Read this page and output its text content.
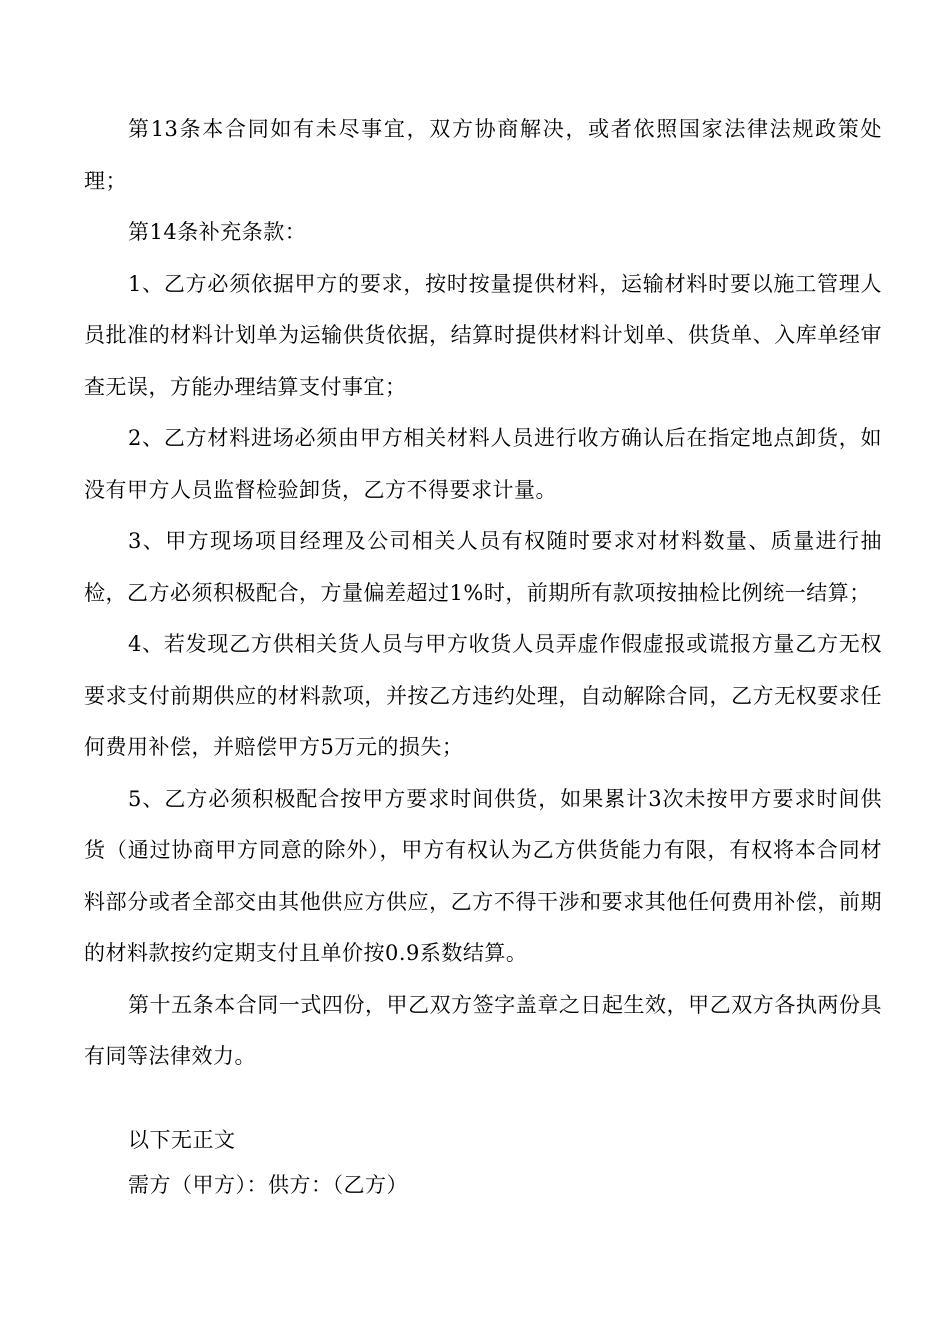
第13条本合同如有未尽事宜，双方协商解决，或者依照国家法律法规政策处理；

第14条补充条款：

1、乙方必须依据甲方的要求，按时按量提供材料，运输材料时要以施工管理人员批准的材料计划单为运输供货依据，结算时提供材料计划单、供货单、入库单经审查无误，方能办理结算支付事宜；

2、乙方材料进场必须由甲方相关材料人员进行收方确认后在指定地点卸货，如没有甲方人员监督检验卸货，乙方不得要求计量。

3、甲方现场项目经理及公司相关人员有权随时要求对材料数量、质量进行抽检，乙方必须积极配合，方量偏差超过1%时，前期所有款项按抽检比例统一结算；

4、若发现乙方供相关货人员与甲方收货人员弄虚作假虚报或谎报方量乙方无权要求支付前期供应的材料款项，并按乙方违约处理，自动解除合同，乙方无权要求任何费用补偿，并赔偿甲方5万元的损失；

5、乙方必须积极配合按甲方要求时间供货，如果累计3次未按甲方要求时间供货（通过协商甲方同意的除外），甲方有权认为乙方供货能力有限，有权将本合同材料部分或者全部交由其他供应方供应，乙方不得干涉和要求其他任何费用补偿，前期的材料款按约定期支付且单价按0.9系数结算。

第十五条本合同一式四份，甲乙双方签字盖章之日起生效，甲乙双方各执两份具有同等法律效力。

以下无正文
需方（甲方）：供方：（乙方）
